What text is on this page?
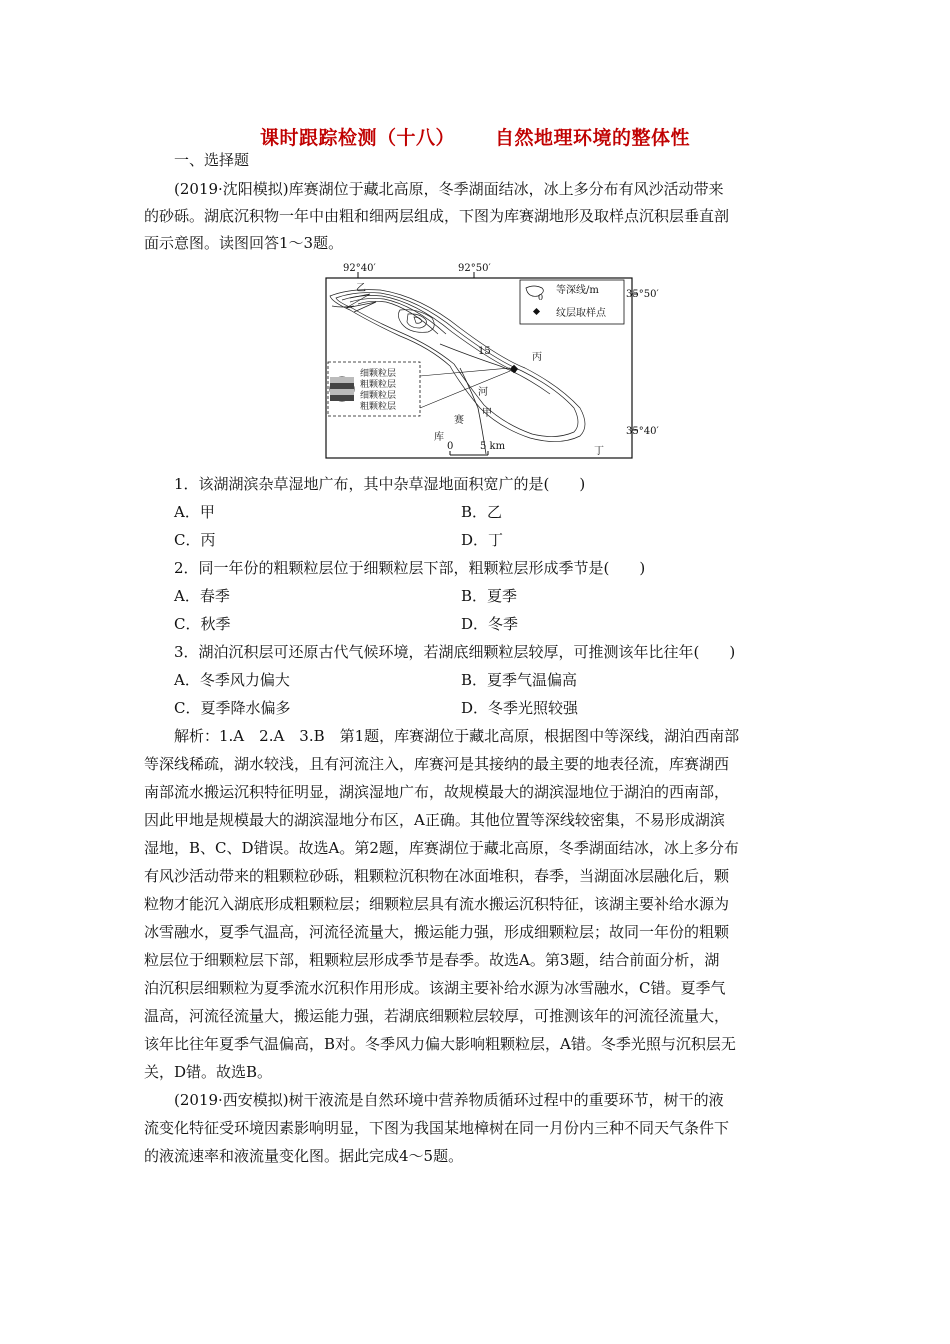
课时跟踪检测（十八） 自然地理环境的整体性
一、选择题
(2019·沈阳模拟)库赛湖位于藏北高原，冬季湖面结冰，冰上多分布有风沙活动带来
的砂砾。湖底沉积物一年中由粗和细两层组成，下图为库赛湖地形及取样点沉积层垂直剖
面示意图。读图回答1～3题。
92°40′	92°50′
35°50′
35°40′
0
等深线/m
纹层取样点
乙
15
丙
河
甲
赛
库
丁
0	5 km
细颗粒层
粗颗粒层
细颗粒层
粗颗粒层
1．该湖湖滨杂草湿地广布，其中杂草湿地面积宽广的是(　　)
A．甲	B．乙
C．丙	D．丁
2．同一年份的粗颗粒层位于细颗粒层下部，粗颗粒层形成季节是(　　)
A．春季	B．夏季
C．秋季	D．冬季
3．湖泊沉积层可还原古代气候环境，若湖底细颗粒层较厚，可推测该年比往年(　　)
A．冬季风力偏大	B．夏季气温偏高
C．夏季降水偏多	D．冬季光照较强
解析：1.A　2.A　3.B　第1题，库赛湖位于藏北高原，根据图中等深线，湖泊西南部
等深线稀疏，湖水较浅，且有河流注入，库赛河是其接纳的最主要的地表径流，库赛湖西
南部流水搬运沉积特征明显，湖滨湿地广布，故规模最大的湖滨湿地位于湖泊的西南部，
因此甲地是规模最大的湖滨湿地分布区，A正确。其他位置等深线较密集，不易形成湖滨
湿地，B、C、D错误。故选A。第2题，库赛湖位于藏北高原，冬季湖面结冰，冰上多分布
有风沙活动带来的粗颗粒砂砾，粗颗粒沉积物在冰面堆积，春季，当湖面冰层融化后，颗
粒物才能沉入湖底形成粗颗粒层；细颗粒层具有流水搬运沉积特征，该湖主要补给水源为
冰雪融水，夏季气温高，河流径流量大，搬运能力强，形成细颗粒层；故同一年份的粗颗
粒层位于细颗粒层下部，粗颗粒层形成季节是春季。故选A。第3题，结合前面分析，湖
泊沉积层细颗粒为夏季流水沉积作用形成。该湖主要补给水源为冰雪融水，C错。夏季气
温高，河流径流量大，搬运能力强，若湖底细颗粒层较厚，可推测该年的河流径流量大，
该年比往年夏季气温偏高，B对。冬季风力偏大影响粗颗粒层，A错。冬季光照与沉积层无
关，D错。故选B。
(2019·西安模拟)树干液流是自然环境中营养物质循环过程中的重要环节，树干的液
流变化特征受环境因素影响明显，下图为我国某地樟树在同一月份内三种不同天气条件下
的液流速率和液流量变化图。据此完成4～5题。
